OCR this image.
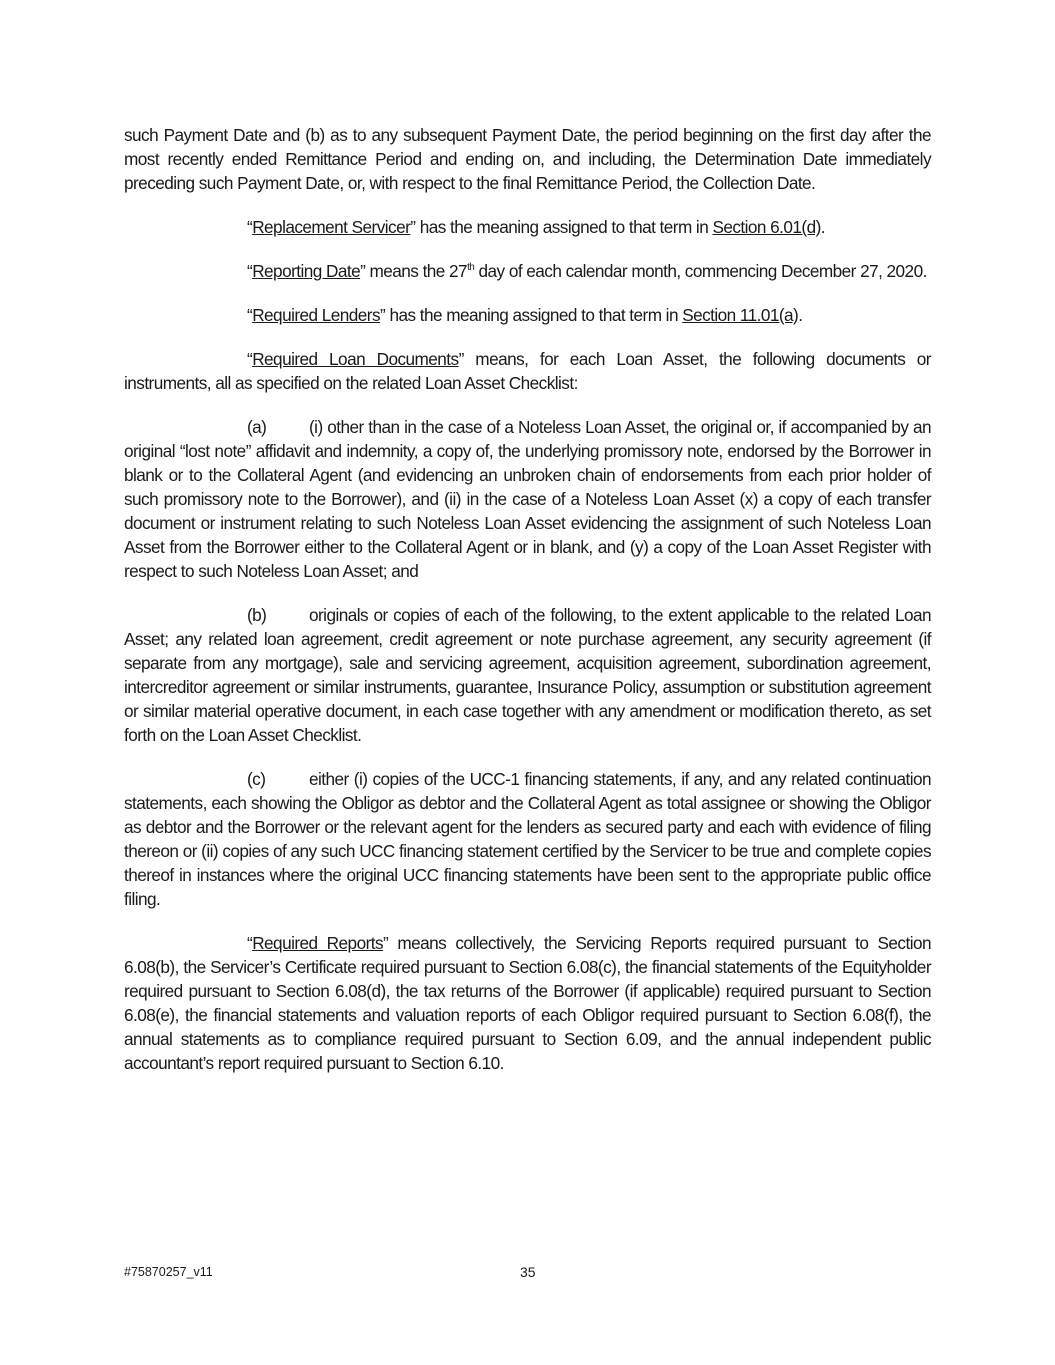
such Payment Date and (b) as to any subsequent Payment Date, the period beginning on the first day after the most recently ended Remittance Period and ending on, and including, the Determination Date immediately preceding such Payment Date, or, with respect to the final Remittance Period, the Collection Date.

“Replacement Servicer” has the meaning assigned to that term in Section 6.01(d).

“Reporting Date” means the 27th day of each calendar month, commencing December 27, 2020.

“Required Lenders” has the meaning assigned to that term in Section 11.01(a).

“Required Loan Documents” means, for each Loan Asset, the following documents or instruments, all as specified on the related Loan Asset Checklist:

(a) (i) other than in the case of a Noteless Loan Asset, the original or, if accompanied by an original “lost note” affidavit and indemnity, a copy of, the underlying promissory note, endorsed by the Borrower in blank or to the Collateral Agent (and evidencing an unbroken chain of endorsements from each prior holder of such promissory note to the Borrower), and (ii) in the case of a Noteless Loan Asset (x) a copy of each transfer document or instrument relating to such Noteless Loan Asset evidencing the assignment of such Noteless Loan Asset from the Borrower either to the Collateral Agent or in blank, and (y) a copy of the Loan Asset Register with respect to such Noteless Loan Asset; and

(b) originals or copies of each of the following, to the extent applicable to the related Loan Asset; any related loan agreement, credit agreement or note purchase agreement, any security agreement (if separate from any mortgage), sale and servicing agreement, acquisition agreement, subordination agreement, intercreditor agreement or similar instruments, guarantee, Insurance Policy, assumption or substitution agreement or similar material operative document, in each case together with any amendment or modification thereto, as set forth on the Loan Asset Checklist.

(c)	either (i) copies of the UCC-1 financing statements, if any, and any related continuation statements, each showing the Obligor as debtor and the Collateral Agent as total assignee or showing the Obligor as debtor and the Borrower or the relevant agent for the lenders as secured party and each with evidence of filing thereon or (ii) copies of any such UCC financing statement certified by the Servicer to be true and complete copies thereof in instances where the original UCC financing statements have been sent to the appropriate public office filing.

“Required Reports” means collectively, the Servicing Reports required pursuant to Section 6.08(b), the Servicer’s Certificate required pursuant to Section 6.08(c), the financial statements of the Equityholder required pursuant to Section 6.08(d), the tax returns of the Borrower (if applicable) required pursuant to Section 6.08(e), the financial statements and valuation reports of each Obligor required pursuant to Section 6.08(f), the annual statements as to compliance required pursuant to Section 6.09, and the annual independent public accountant’s report required pursuant to Section 6.10.

#75870257_v11	35
